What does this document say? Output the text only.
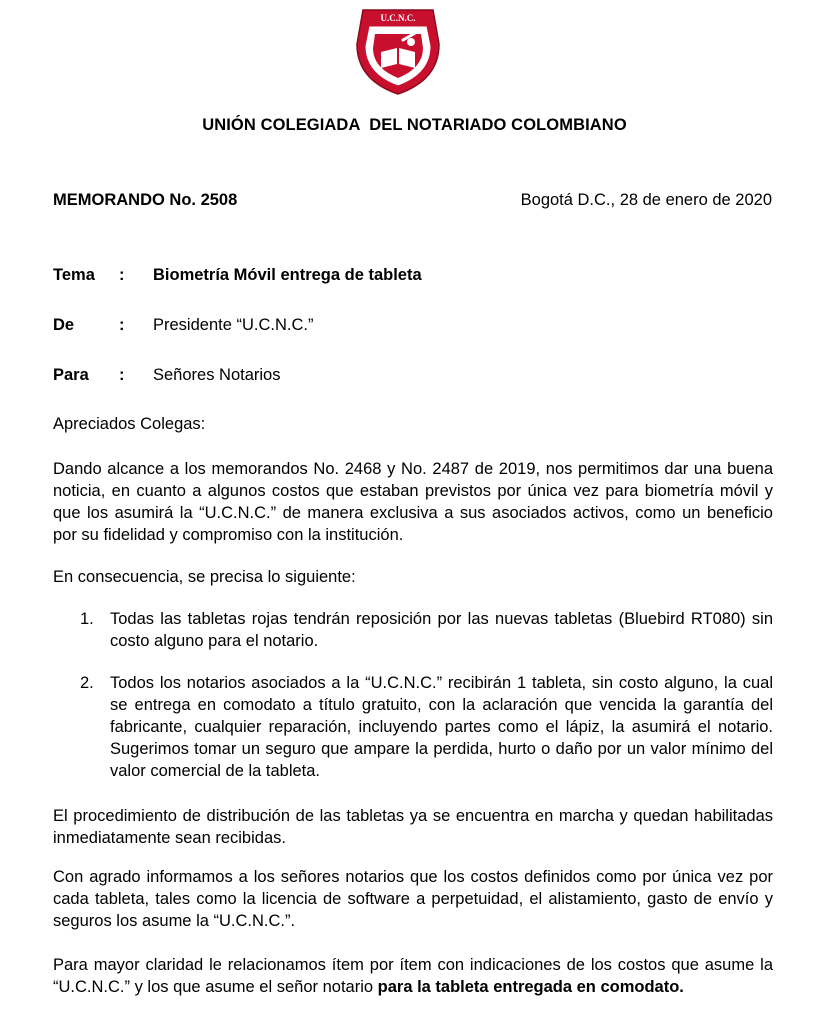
U.C.N.C.
UNIÓN COLEGIADA  DEL NOTARIADO COLOMBIANO
MEMORANDO No. 2508	Bogotá D.C., 28 de enero de 2020
Tema : Biometría Móvil entrega de tableta
De	: Presidente “U.C.N.C.”
Para : Señores Notarios

Apreciados Colegas:

Dando alcance a los memorandos No. 2468 y No. 2487 de 2019, nos permitimos dar una buena noticia, en cuanto a algunos costos que estaban previstos por única vez para biometría móvil y que los asumirá la “U.C.N.C.” de manera exclusiva a sus asociados activos, como un beneficio por su fidelidad y compromiso con la institución.

En consecuencia, se precisa lo siguiente:

1. Todas las tabletas rojas tendrán reposición por las nuevas tabletas (Bluebird RT080) sin costo alguno para el notario.
2. Todos los notarios asociados a la “U.C.N.C.” recibirán 1 tableta, sin costo alguno, la cual se entrega en comodato a título gratuito, con la aclaración que vencida la garantía del fabricante, cualquier reparación, incluyendo partes como el lápiz, la asumirá el notario. Sugerimos tomar un seguro que ampare la perdida, hurto o daño por un valor mínimo del valor comercial de la tableta.

El procedimiento de distribución de las tabletas ya se encuentra en marcha y quedan habilitadas inmediatamente sean recibidas.

Con agrado informamos a los señores notarios que los costos definidos como por única vez por cada tableta, tales como la licencia de software a perpetuidad, el alistamiento, gasto de envío y seguros los asume la “U.C.N.C.”.

Para mayor claridad le relacionamos ítem por ítem con indicaciones de los costos que asume la “U.C.N.C.” y los que asume el señor notario para la tableta entregada en comodato.
